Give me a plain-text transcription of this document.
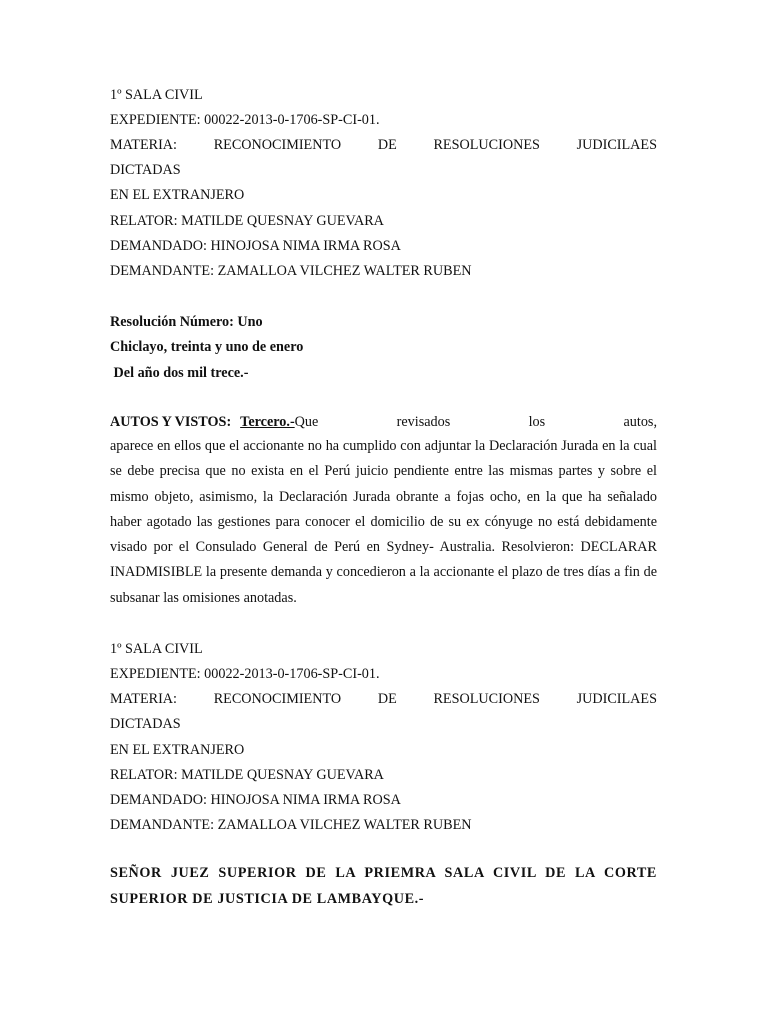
1º SALA CIVIL
EXPEDIENTE: 00022-2013-0-1706-SP-CI-01.
MATERIA:	RECONOCIMIENTO	DE	RESOLUCIONES	JUDICILAES
DICTADAS
EN EL EXTRANJERO
RELATOR: MATILDE QUESNAY GUEVARA
DEMANDADO: HINOJOSA NIMA IRMA ROSA
DEMANDANTE: ZAMALLOA VILCHEZ WALTER RUBEN
Resolución Número: Uno
Chiclayo, treinta y uno de enero
Del año dos mil trece.-
AUTOS Y VISTOS: Tercero.- Que	revisados	los	autos,
aparece en ellos que el accionante no ha cumplido con adjuntar la Declaración Jurada en la cual se debe precisa que no exista en el Perú juicio pendiente entre las mismas partes y sobre el mismo objeto, asimismo, la Declaración Jurada obrante a fojas ocho, en la que ha señalado haber agotado las gestiones para conocer el domicilio de su ex cónyuge no está debidamente visado por el Consulado General de Perú en Sydney- Australia. Resolvieron: DECLARAR INADMISIBLE la presente demanda y concedieron a la accionante el plazo de tres días a fin de subsanar las omisiones anotadas.
1º SALA CIVIL
EXPEDIENTE: 00022-2013-0-1706-SP-CI-01.
MATERIA:	RECONOCIMIENTO	DE	RESOLUCIONES	JUDICILAES
DICTADAS
EN EL EXTRANJERO
RELATOR: MATILDE QUESNAY GUEVARA
DEMANDADO: HINOJOSA NIMA IRMA ROSA
DEMANDANTE: ZAMALLOA VILCHEZ WALTER RUBEN
SEÑOR JUEZ SUPERIOR DE LA PRIEMRA SALA CIVIL DE LA CORTE SUPERIOR DE JUSTICIA DE LAMBAYQUE.-
